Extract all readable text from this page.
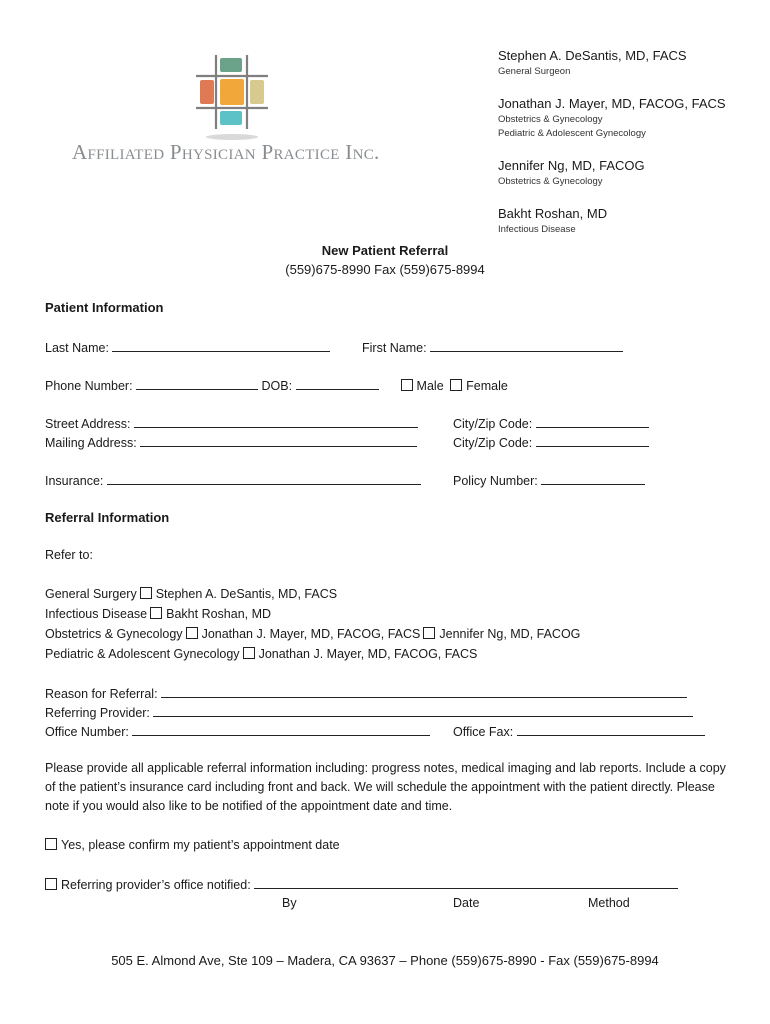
Affiliated Physician Practice Inc.
Stephen A. DeSantis, MD, FACS
General Surgeon
Jonathan J. Mayer, MD, FACOG, FACS
Obstetrics & Gynecology
Pediatric & Adolescent Gynecology
Jennifer Ng, MD, FACOG
Obstetrics & Gynecology
Bakht Roshan, MD
Infectious Disease
New Patient Referral
(559)675-8990 Fax (559)675-8994
Patient Information
Last Name:	First Name:
Phone Number:	DOB:	Male Female
Street Address:	City/Zip Code:
Mailing Address:	City/Zip Code:
Insurance:	Policy Number:
Referral Information
Refer to:
General Surgery Stephen A. DeSantis, MD, FACS
Infectious Disease Bakht Roshan, MD
Obstetrics & Gynecology Jonathan J. Mayer, MD, FACOG, FACS Jennifer Ng, MD, FACOG
Pediatric & Adolescent Gynecology Jonathan J. Mayer, MD, FACOG, FACS
Reason for Referral:
Referring Provider:
Office Number:	Office Fax:
Please provide all applicable referral information including: progress notes, medical imaging and lab reports. Include a copy of the patient’s insurance card including front and back. We will schedule the appointment with the patient directly. Please note if you would also like to be notified of the appointment date and time.
Yes, please confirm my patient’s appointment date
Referring provider’s office notified:
By	Date	Method
505 E. Almond Ave, Ste 109 – Madera, CA 93637 – Phone (559)675-8990 - Fax (559)675-8994
